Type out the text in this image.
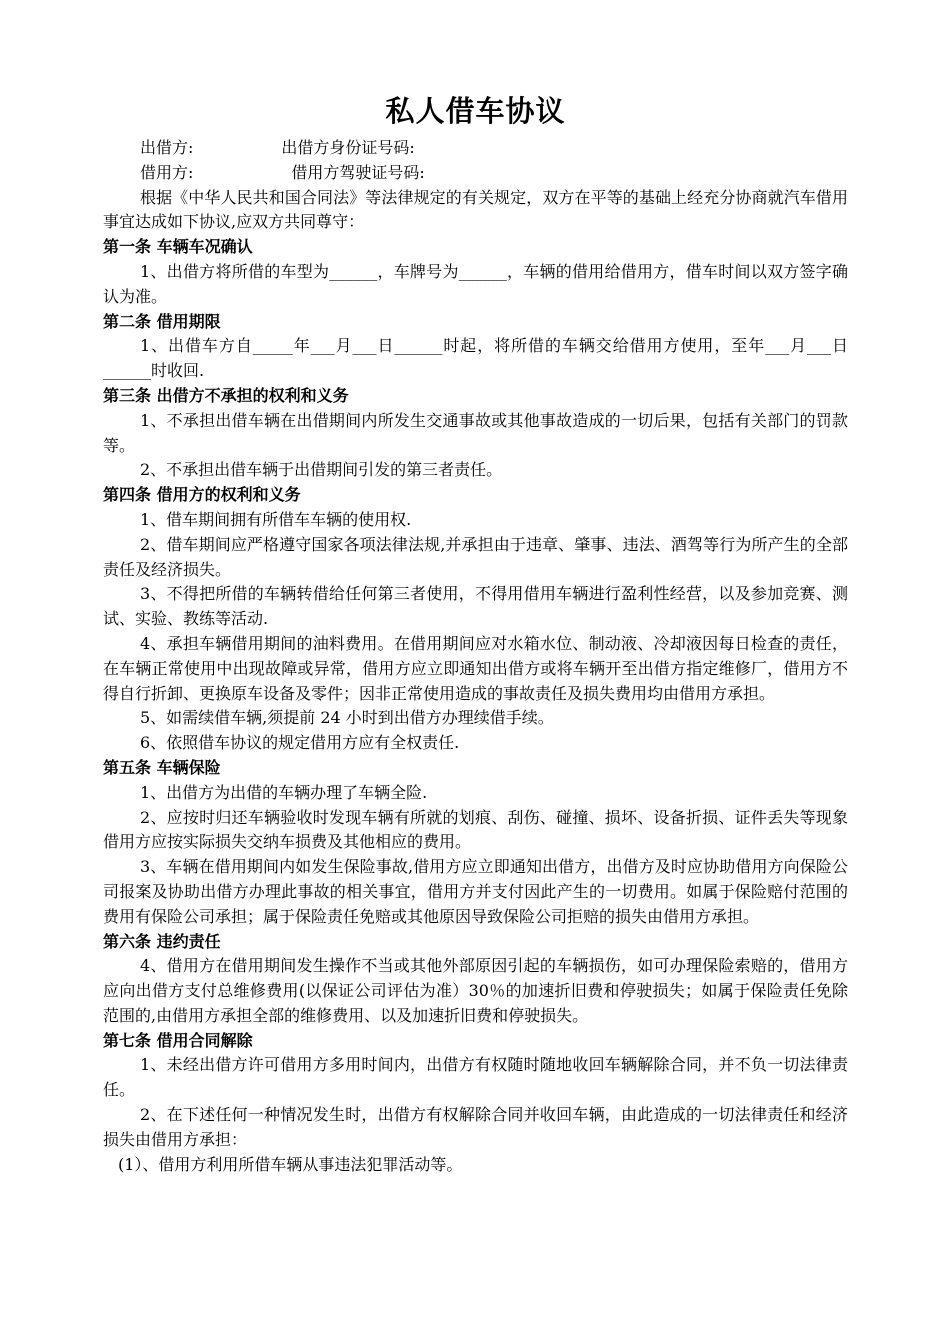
私人借车协议
出借方:	出借方身份证号码:
借用方:	借用方驾驶证号码:

根据《中华人民共和国合同法》等法律规定的有关规定，双方在平等的基础上经充分协商就汽车借用事宜达成如下协议,应双方共同尊守：

第一条 车辆车况确认

1、出借方将所借的车型为______，车牌号为______，车辆的借用给借用方，借车时间以双方签字确认为准。

第二条 借用期限

1、出借车方自_____年___月___日______时起，将所借的车辆交给借用方使用，至年___月___日______时收回.

第三条 出借方不承担的权利和义务

1、不承担出借车辆在出借期间内所发生交通事故或其他事故造成的一切后果，包括有关部门的罚款等。

2、不承担出借车辆于出借期间引发的第三者责任。

第四条 借用方的权利和义务

1、借车期间拥有所借车车辆的使用权.

2、借车期间应严格遵守国家各项法律法规,并承担由于违章、肇事、违法、酒驾等行为所产生的全部责任及经济损失。

3、不得把所借的车辆转借给任何第三者使用，不得用借用车辆进行盈利性经营，以及参加竞赛、测试、实验、教练等活动.

4、承担车辆借用期间的油料费用。在借用期间应对水箱水位、制动液、冷却液因每日检查的责任，在车辆正常使用中出现故障或异常，借用方应立即通知出借方或将车辆开至出借方指定维修厂，借用方不得自行折卸、更换原车设备及零件；因非正常使用造成的事故责任及损失费用均由借用方承担。

5、如需续借车辆,须提前 24 小时到出借方办理续借手续。

6、依照借车协议的规定借用方应有全权责任.

第五条 车辆保险

1、出借方为出借的车辆办理了车辆全险.

2、应按时归还车辆验收时发现车辆有所就的划痕、刮伤、碰撞、损坏、设备折损、证件丢失等现象借用方应按实际损失交纳车损费及其他相应的费用。

3、车辆在借用期间内如发生保险事故,借用方应立即通知出借方，出借方及时应协助借用方向保险公司报案及协助出借方办理此事故的相关事宜，借用方并支付因此产生的一切费用。如属于保险赔付范围的费用有保险公司承担；属于保险责任免赔或其他原因导致保险公司拒赔的损失由借用方承担。

第六条 违约责任

4、借用方在借用期间发生操作不当或其他外部原因引起的车辆损伤，如可办理保险索赔的，借用方应向出借方支付总维修费用(以保证公司评估为准）30％的加速折旧费和停驶损失；如属于保险责任免除范围的,由借用方承担全部的维修费用、以及加速折旧费和停驶损失。

第七条 借用合同解除

1、未经出借方许可借用方多用时间内，出借方有权随时随地收回车辆解除合同，并不负一切法律责任。

2、在下述任何一种情况发生时，出借方有权解除合同并收回车辆，由此造成的一切法律责任和经济损失由借用方承担：

(1）、借用方利用所借车辆从事违法犯罪活动等。
